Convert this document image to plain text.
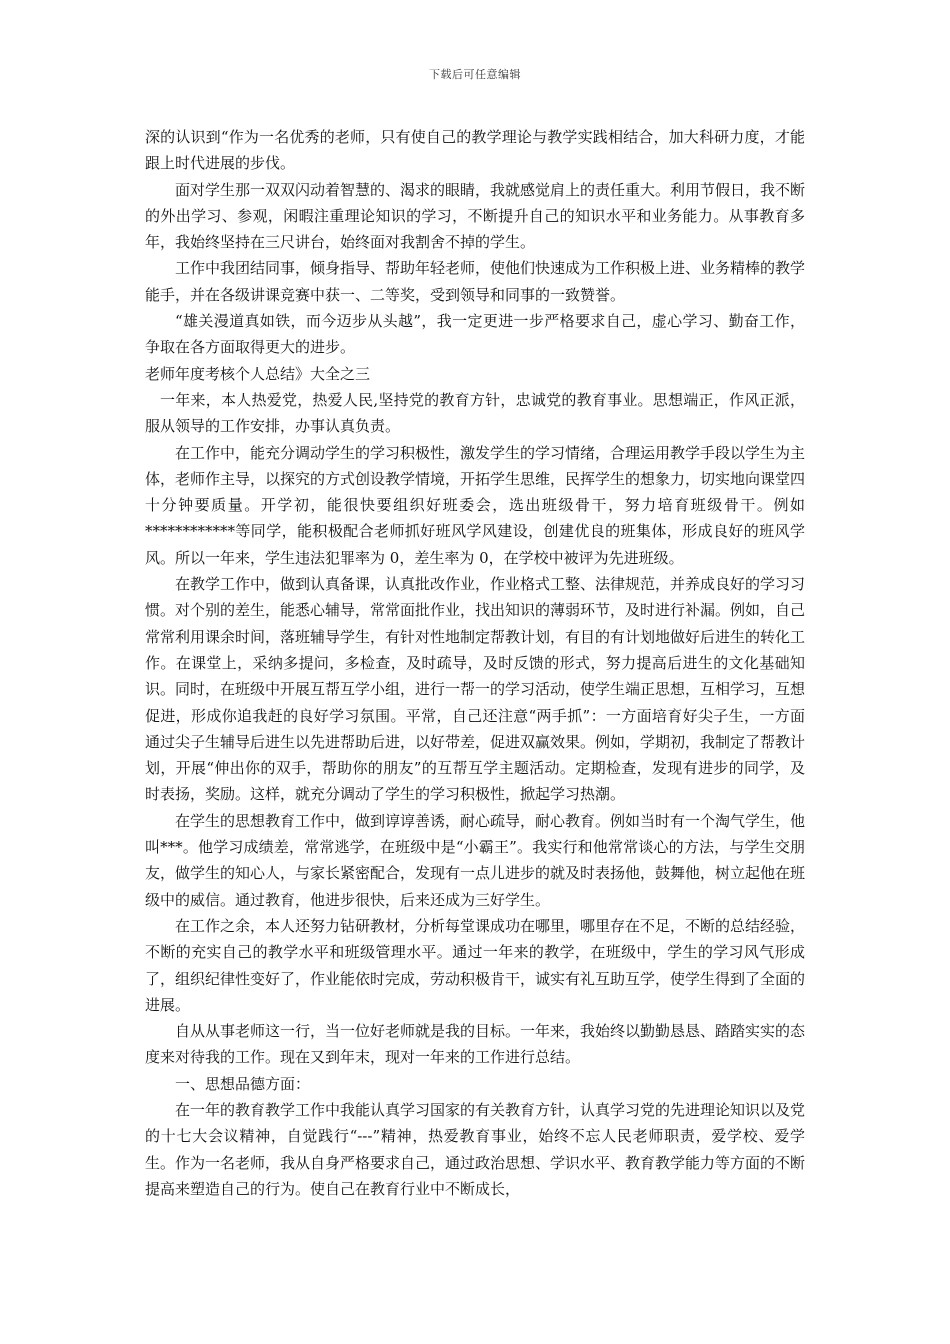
下载后可任意编辑

深的认识到“作为一名优秀的老师，只有使自己的教学理论与教学实践相结合，加大科研力度，才能跟上时代进展的步伐。

面对学生那一双双闪动着智慧的、渴求的眼睛，我就感觉肩上的责任重大。利用节假日，我不断的外出学习、参观，闲暇注重理论知识的学习，不断提升自己的知识水平和业务能力。从事教育多年，我始终坚持在三尺讲台，始终面对我割舍不掉的学生。

工作中我团结同事，倾身指导、帮助年轻老师，使他们快速成为工作积极上进、业务精棒的教学能手，并在各级讲课竞赛中获一、二等奖，受到领导和同事的一致赞誉。

“雄关漫道真如铁，而今迈步从头越”，我一定更进一步严格要求自己，虚心学习、勤奋工作，争取在各方面取得更大的进步。

老师年度考核个人总结》大全之三

一年来，本人热爱党，热爱人民,坚持党的教育方针，忠诚党的教育事业。思想端正，作风正派，服从领导的工作安排，办事认真负责。

在工作中，能充分调动学生的学习积极性，激发学生的学习情绪，合理运用教学手段以学生为主体，老师作主导，以探究的方式创设教学情境，开拓学生思维，民挥学生的想象力，切实地向课堂四十分钟要质量。开学初，能很快要组织好班委会，选出班级骨干，努力培育班级骨干。例如************等同学，能积极配合老师抓好班风学风建设，创建优良的班集体，形成良好的班风学风。所以一年来，学生违法犯罪率为 0，差生率为 0，在学校中被评为先进班级。

在教学工作中，做到认真备课，认真批改作业，作业格式工整、法律规范，并养成良好的学习习惯。对个别的差生，能悉心辅导，常常面批作业，找出知识的薄弱环节，及时进行补漏。例如，自己常常利用课余时间，落班辅导学生，有针对性地制定帮教计划，有目的有计划地做好后进生的转化工作。在课堂上，采纳多提问，多检查，及时疏导，及时反馈的形式，努力提高后进生的文化基础知识。同时，在班级中开展互帮互学小组，进行一帮一的学习活动，使学生端正思想，互相学习，互想促进，形成你追我赶的良好学习氛围。平常，自己还注意“两手抓”：一方面培育好尖子生，一方面通过尖子生辅导后进生以先进帮助后进，以好带差，促进双赢效果。例如，学期初，我制定了帮教计划，开展“伸出你的双手，帮助你的朋友”的互帮互学主题活动。定期检查，发现有进步的同学，及时表扬，奖励。这样，就充分调动了学生的学习积极性，掀起学习热潮。

在学生的思想教育工作中，做到谆谆善诱，耐心疏导，耐心教育。例如当时有一个淘气学生，他叫***。他学习成绩差，常常逃学，在班级中是“小霸王”。我实行和他常常谈心的方法，与学生交朋友，做学生的知心人，与家长紧密配合，发现有一点儿进步的就及时表扬他，鼓舞他，树立起他在班级中的威信。通过教育，他进步很快，后来还成为三好学生。

在工作之余，本人还努力钻研教材，分析每堂课成功在哪里，哪里存在不足，不断的总结经验，不断的充实自己的教学水平和班级管理水平。通过一年来的教学，在班级中，学生的学习风气形成了，组织纪律性变好了，作业能依时完成，劳动积极肯干，诚实有礼互助互学，使学生得到了全面的进展。

自从从事老师这一行，当一位好老师就是我的目标。一年来，我始终以勤勤恳恳、踏踏实实的态度来对待我的工作。现在又到年末，现对一年来的工作进行总结。

一、思想品德方面：

在一年的教育教学工作中我能认真学习国家的有关教育方针，认真学习党的先进理论知识以及党的十七大会议精神，自觉践行“---”精神，热爱教育事业，始终不忘人民老师职责，爱学校、爱学生。作为一名老师，我从自身严格要求自己，通过政治思想、学识水平、教育教学能力等方面的不断提高来塑造自己的行为。使自己在教育行业中不断成长，
